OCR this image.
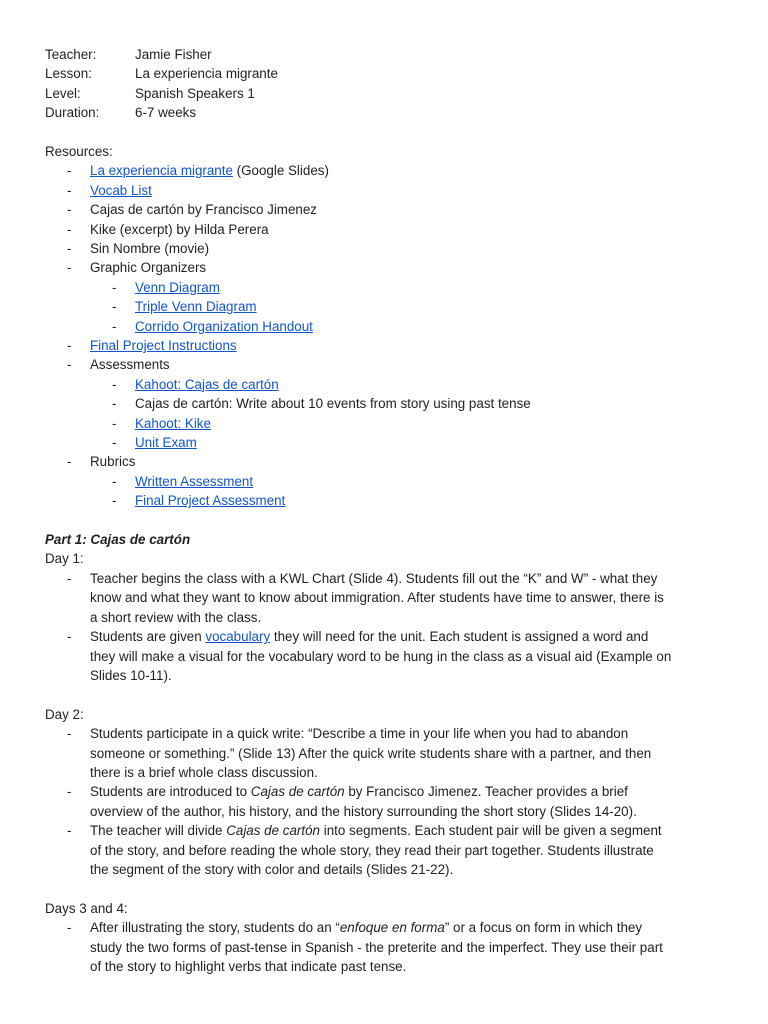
Teacher:	Jamie Fisher
Lesson:	La experiencia migrante
Level:	Spanish Speakers 1
Duration:	6-7 weeks
Resources:
-	La experiencia migrante (Google Slides)
-	Vocab List
-	Cajas de cartón by Francisco Jimenez
-	Kike (excerpt) by Hilda Perera
-	Sin Nombre (movie)
-	Graphic Organizers
-	Venn Diagram
-	Triple Venn Diagram
-	Corrido Organization Handout
-	Final Project Instructions
-	Assessments
-	Kahoot: Cajas de cartón
-	Cajas de cartón: Write about 10 events from story using past tense
-	Kahoot: Kike
-	Unit Exam
-	Rubrics
-	Written Assessment
-	Final Project Assessment
Part 1: Cajas de cartón
Day 1:
-	Teacher begins the class with a KWL Chart (Slide 4). Students fill out the “K” and W” - what they know and what they want to know about immigration. After students have time to answer, there is a short review with the class.
-	Students are given vocabulary they will need for the unit. Each student is assigned a word and they will make a visual for the vocabulary word to be hung in the class as a visual aid (Example on Slides 10-11).
Day 2:
-	Students participate in a quick write: “Describe a time in your life when you had to abandon someone or something.” (Slide 13) After the quick write students share with a partner, and then there is a brief whole class discussion.
-	Students are introduced to Cajas de cartón by Francisco Jimenez. Teacher provides a brief overview of the author, his history, and the history surrounding the short story (Slides 14-20).
-	The teacher will divide Cajas de cartón into segments. Each student pair will be given a segment of the story, and before reading the whole story, they read their part together. Students illustrate the segment of the story with color and details (Slides 21-22).
Days 3 and 4:
-	After illustrating the story, students do an “enfoque en forma” or a focus on form in which they study the two forms of past-tense in Spanish - the preterite and the imperfect. They use their part of the story to highlight verbs that indicate past tense.
